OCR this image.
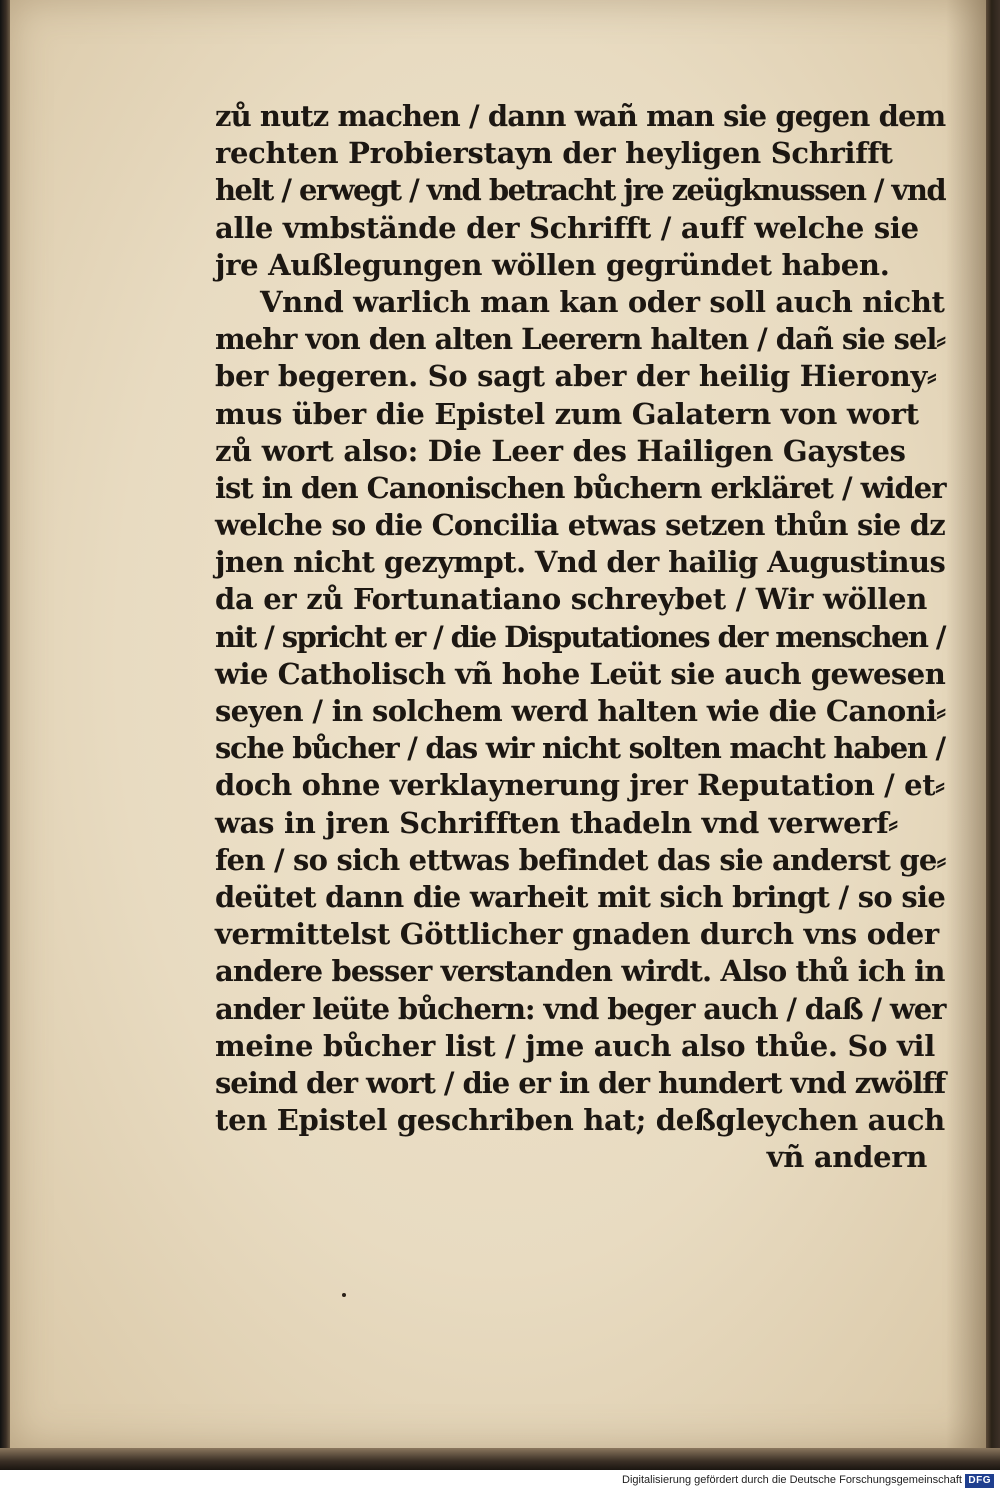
zů nutz machen / dann wañ man sie gegen dem
rechten Probierstayn der heyligen Schrifft
helt / erwegt / vnd betracht jre zeügknussen / vnd
alle vmbstände der Schrifft / auff welche sie
jre Außlegungen wöllen gegründet haben.
Vnnd warlich man kan oder soll auch nicht
mehr von den alten Leerern halten / dañ sie sel⸗
ber begeren. So sagt aber der heilig Hierony⸗
mus über die Epistel zum Galatern von wort
zů wort also: Die Leer des Hailigen Gaystes
ist in den Canonischen bůchern erkläret / wider
welche so die Concilia etwas setzen thůn sie dz
jnen nicht gezympt. Vnd der hailig Augustinus
da er zů Fortunatiano schreybet / Wir wöllen
nit / spricht er / die Disputationes der menschen /
wie Catholisch vñ hohe Leüt sie auch gewesen
seyen / in solchem werd halten wie die Canoni⸗
sche bůcher / das wir nicht solten macht haben /
doch ohne verklaynerung jrer Reputation / et⸗
was in jren Schrifften thadeln vnd verwerf⸗
fen / so sich ettwas befindet das sie anderst ge⸗
deütet dann die warheit mit sich bringt / so sie
vermittelst Göttlicher gnaden durch vns oder
andere besser verstanden wirdt. Also thů ich in
ander leüte bůchern: vnd beger auch / daß / wer
meine bůcher list / jme auch also thůe. So vil
seind der wort / die er in der hundert vnd zwölff
ten Epistel geschriben hat; deßgleychen auch
vñ andern
Digitalisierung gefördert durch die Deutsche Forschungsgemeinschaft DFG
